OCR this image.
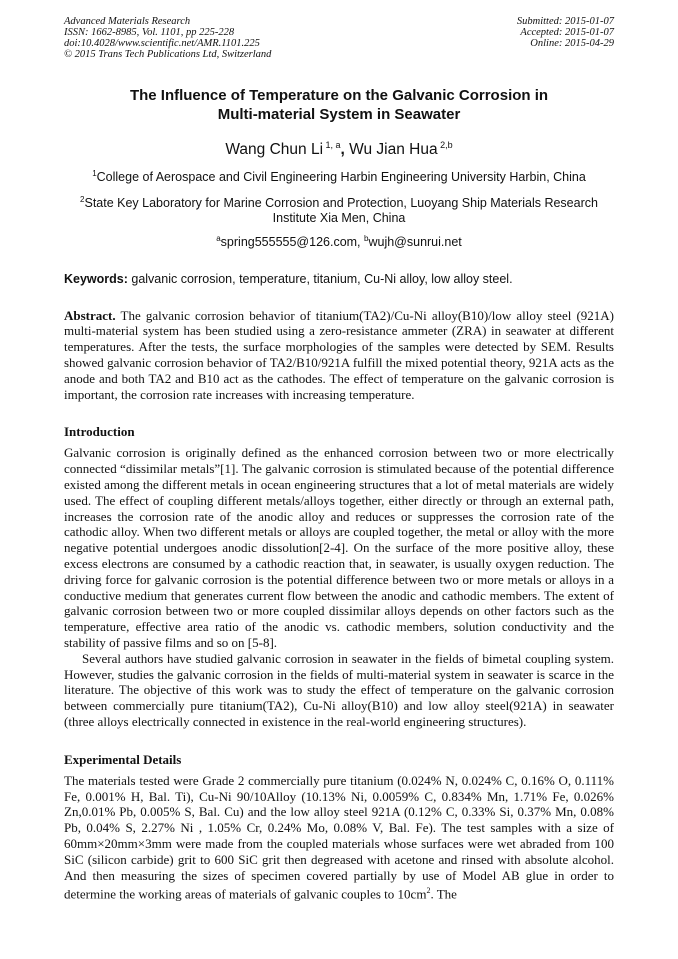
Advanced Materials Research
ISSN: 1662-8985, Vol. 1101, pp 225-228
doi:10.4028/www.scientific.net/AMR.1101.225
© 2015 Trans Tech Publications Ltd, Switzerland
Submitted: 2015-01-07
Accepted: 2015-01-07
Online: 2015-04-29
The Influence of Temperature on the Galvanic Corrosion in
Multi-material System in Seawater
Wang Chun Li $^{1, a}$, Wu Jian Hua $^{2,b}$
$^1$College of Aerospace and Civil Engineering Harbin Engineering University Harbin, China
$^2$State Key Laboratory for Marine Corrosion and Protection, Luoyang Ship Materials Research Institute Xia Men, China
$^a$spring555555@126.com, $^b$wujh@sunrui.net
Keywords: galvanic corrosion, temperature, titanium, Cu-Ni alloy, low alloy steel.
Abstract. The galvanic corrosion behavior of titanium(TA2)/Cu-Ni alloy(B10)/low alloy steel (921A) multi-material system has been studied using a zero-resistance ammeter (ZRA) in seawater at different temperatures. After the tests, the surface morphologies of the samples were detected by SEM. Results showed galvanic corrosion behavior of TA2/B10/921A fulfill the mixed potential theory, 921A acts as the anode and both TA2 and B10 act as the cathodes. The effect of temperature on the galvanic corrosion is important, the corrosion rate increases with increasing temperature.
Introduction
Galvanic corrosion is originally defined as the enhanced corrosion between two or more electrically connected “dissimilar metals”[1]. The galvanic corrosion is stimulated because of the potential difference existed among the different metals in ocean engineering structures that a lot of metal materials are widely used. The effect of coupling different metals/alloys together, either directly or through an external path, increases the corrosion rate of the anodic alloy and reduces or suppresses the corrosion rate of the cathodic alloy. When two different metals or alloys are coupled together, the metal or alloy with the more negative potential undergoes anodic dissolution[2-4]. On the surface of the more positive alloy, these excess electrons are consumed by a cathodic reaction that, in seawater, is usually oxygen reduction. The driving force for galvanic corrosion is the potential difference between two or more metals or alloys in a conductive medium that generates current flow between the anodic and cathodic members. The extent of galvanic corrosion between two or more coupled dissimilar alloys depends on other factors such as the temperature, effective area ratio of the anodic vs. cathodic members, solution conductivity and the stability of passive films and so on [5-8].
Several authors have studied galvanic corrosion in seawater in the fields of bimetal coupling system. However, studies the galvanic corrosion in the fields of multi-material system in seawater is scarce in the literature. The objective of this work was to study the effect of temperature on the galvanic corrosion between commercially pure titanium(TA2), Cu-Ni alloy(B10) and low alloy steel(921A) in seawater (three alloys electrically connected in existence in the real-world engineering structures).
Experimental Details
The materials tested were Grade 2 commercially pure titanium (0.024% N, 0.024% C, 0.16% O, 0.111% Fe, 0.001% H, Bal. Ti), Cu-Ni 90/10Alloy (10.13% Ni, 0.0059% C, 0.834% Mn, 1.71% Fe, 0.026% Zn,0.01% Pb, 0.005% S, Bal. Cu) and the low alloy steel 921A (0.12% C, 0.33% Si, 0.37% Mn, 0.08% Pb, 0.04% S, 2.27% Ni , 1.05% Cr, 0.24% Mo, 0.08% V, Bal. Fe). The test samples with a size of 60mm×20mm×3mm were made from the coupled materials whose surfaces were wet abraded from 100 SiC (silicon carbide) grit to 600 SiC grit then degreased with acetone and rinsed with absolute alcohol. And then measuring the sizes of specimen covered partially by use of Model AB glue in order to determine the working areas of materials of galvanic couples to $10cm^2$. The
